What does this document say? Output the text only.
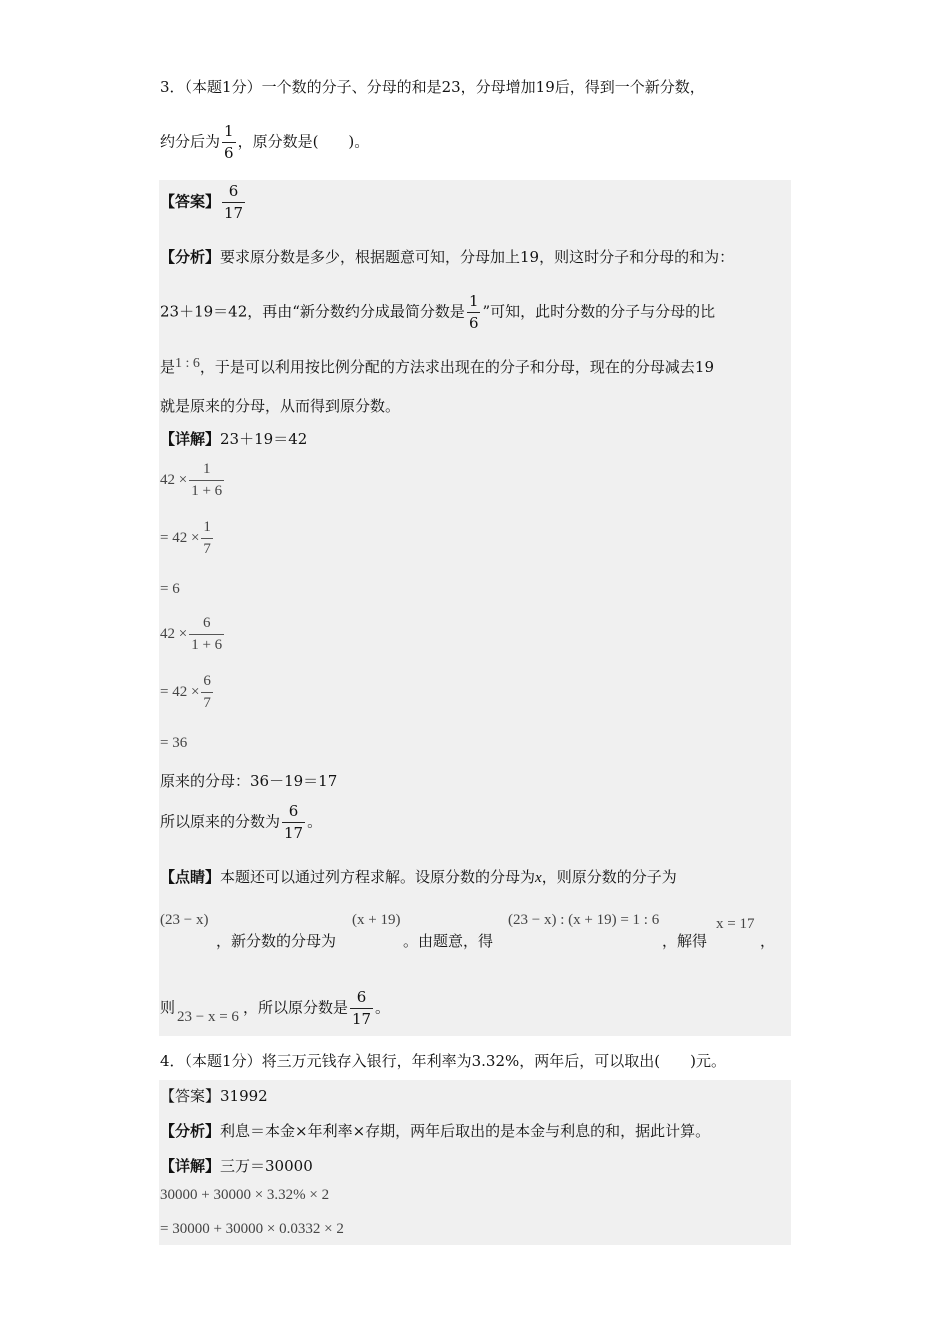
3．（本题1分）一个数的分子、分母的和是23，分母增加19后，得到一个新分数，
约分后为 $\frac{1}{6}$ ，原分数是(　　)。
【答案】 $\frac{6}{17}$
【分析】要求原分数是多少，根据题意可知，分母加上19，则这时分子和分母的和为：
23＋19＝42，再由“新分数约分成最简分数是 $\frac{1}{6}$ ”可知，此时分数的分子与分母的比
是1 : 6，于是可以利用按比例分配的方法求出现在的分子和分母，现在的分母减去19
就是原来的分母，从而得到原分数。
【详解】23＋19＝42
$42 \times \frac{1}{1 + 6}$
= $42 \times \frac{1}{7}$
= 6
$42 \times \frac{6}{1 + 6}$
= $42 \times \frac{6}{7}$
= 36
原来的分母：36－19＝17
所以原来的分数为 $\frac{6}{17}$ 。
【点睛】本题还可以通过列方程求解。设原分数的分母为x，则原分数的分子为
(23 − x)
，新分数的分母为
(x + 19)
。由题意，得
(23 − x) : (x + 19) = 1 : 6
，解得
x = 17
，
则 23 − x = 6 ，所以原分数是 $\frac{6}{17}$ 。
4．（本题1分）将三万元钱存入银行，年利率为3.32%，两年后，可以取出(　　)元。
【答案】31992
【分析】利息＝本金×年利率×存期，两年后取出的是本金与利息的和，据此计算。
【详解】三万＝30000
30000 + 30000 × 3.32% × 2
= 30000 + 30000 × 0.0332 × 2
